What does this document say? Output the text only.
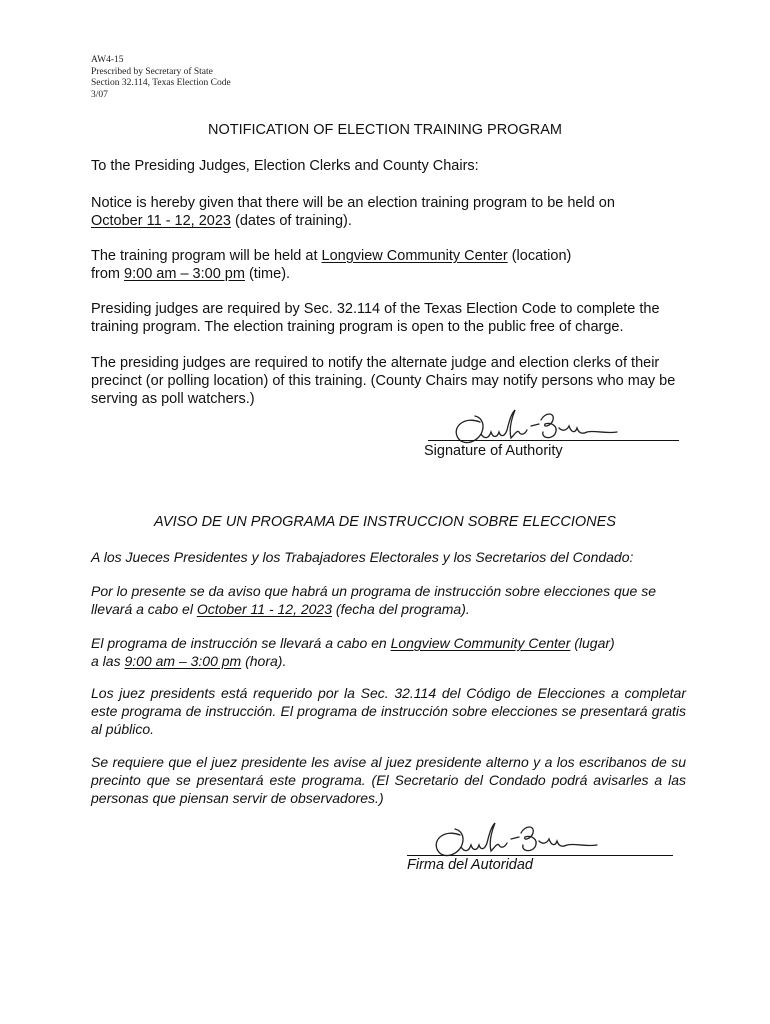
AW4-15
Prescribed by Secretary of State
Section 32.114, Texas Election Code
3/07
NOTIFICATION OF ELECTION TRAINING PROGRAM
To the Presiding Judges, Election Clerks and County Chairs:
Notice is hereby given that there will be an election training program to be held on
October 11 - 12, 2023 (dates of training).
The training program will be held at Longview Community Center (location)
from 9:00 am – 3:00 pm (time).
Presiding judges are required by Sec. 32.114 of the Texas Election Code to complete the training program. The election training program is open to the public free of charge.
The presiding judges are required to notify the alternate judge and election clerks of their precinct (or polling location) of this training. (County Chairs may notify persons who may be serving as poll watchers.)
Signature of Authority
AVISO DE UN PROGRAMA DE INSTRUCCION SOBRE ELECCIONES
A los Jueces Presidentes y los Trabajadores Electorales y los Secretarios del Condado:
Por lo presente se da aviso que habrá un programa de instrucción sobre elecciones que se llevará a cabo el October 11 - 12, 2023 (fecha del programa).
El programa de instrucción se llevará a cabo en Longview Community Center (lugar)
a las 9:00 am – 3:00 pm (hora).
Los juez presidents está requerido por la Sec. 32.114 del Código de Elecciones a completar este programa de instrucción. El programa de instrucción sobre elecciones se presentará gratis al público.
Se requiere que el juez presidente les avise al juez presidente alterno y a los escribanos de su precinto que se presentará este programa. (El Secretario del Condado podrá avisarles a las personas que piensan servir de observadores.)
Firma del Autoridad
